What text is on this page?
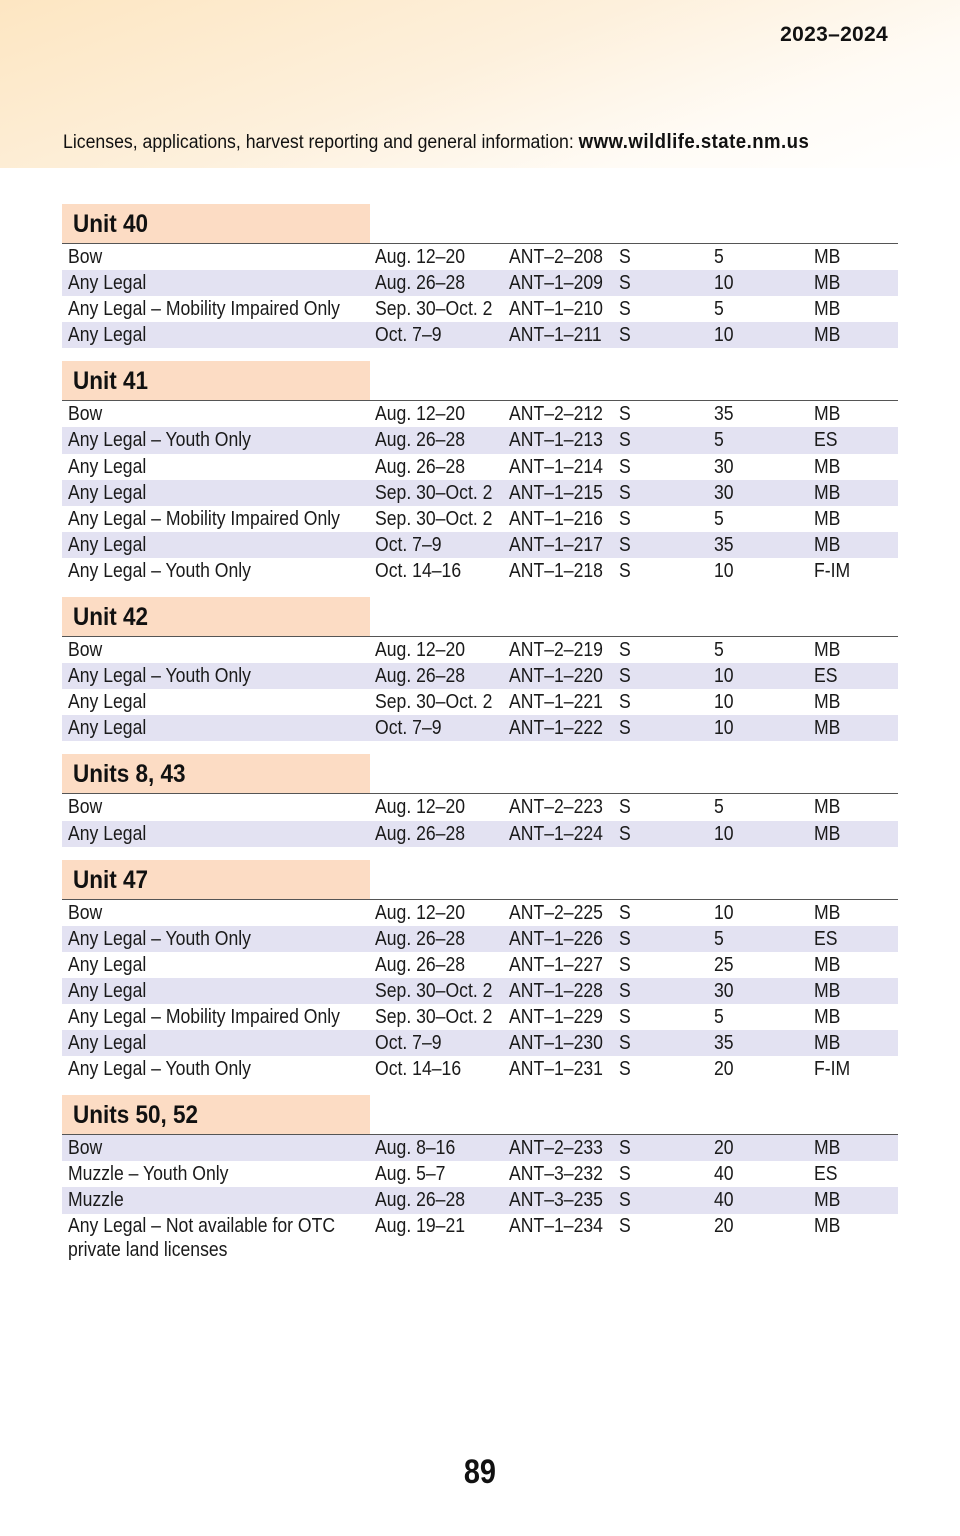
2023–2024
Licenses, applications, harvest reporting and general information: www.wildlife.state.nm.us
Unit 40
Bow	Aug. 12–20	ANT–2–208 S	5	MB
Any Legal	Aug. 26–28	ANT–1–209 S	10	MB
Any Legal – Mobility Impaired Only	Sep. 30–Oct. 2 ANT–1–210 S	5	MB
Any Legal	Oct. 7–9	ANT–1–211 S	10	MB
Unit 41
Bow	Aug. 12–20	ANT–2–212 S	35	MB
Any Legal – Youth Only	Aug. 26–28	ANT–1–213 S	5	ES
Any Legal	Aug. 26–28	ANT–1–214 S	30	MB
Any Legal	Sep. 30–Oct. 2 ANT–1–215 S	30	MB
Any Legal – Mobility Impaired Only	Sep. 30–Oct. 2 ANT–1–216 S	5	MB
Any Legal	Oct. 7–9	ANT–1–217 S	35	MB
Any Legal – Youth Only	Oct. 14–16	ANT–1–218 S	10	F-IM
Unit 42
Bow	Aug. 12–20	ANT–2–219 S	5	MB
Any Legal – Youth Only	Aug. 26–28	ANT–1–220 S	10	ES
Any Legal	Sep. 30–Oct. 2 ANT–1–221 S	10	MB
Any Legal	Oct. 7–9	ANT–1–222 S	10	MB
Units 8, 43
Bow	Aug. 12–20	ANT–2–223 S	5	MB
Any Legal	Aug. 26–28	ANT–1–224 S	10	MB
Unit 47
Bow	Aug. 12–20	ANT–2–225 S	10	MB
Any Legal – Youth Only	Aug. 26–28	ANT–1–226 S	5	ES
Any Legal	Aug. 26–28	ANT–1–227 S	25	MB
Any Legal	Sep. 30–Oct. 2 ANT–1–228 S	30	MB
Any Legal – Mobility Impaired Only	Sep. 30–Oct. 2 ANT–1–229 S	5	MB
Any Legal	Oct. 7–9	ANT–1–230 S	35	MB
Any Legal – Youth Only	Oct. 14–16	ANT–1–231 S	20	F-IM
Units 50, 52
Bow	Aug. 8–16	ANT–2–233 S	20	MB
Muzzle – Youth Only	Aug. 5–7	ANT–3–232 S	40	ES
Muzzle	Aug. 26–28	ANT–3–235 S	40	MB
Any Legal – Not available for OTC private land licenses
Aug. 19–21	ANT–1–234 S	20	MB
89
